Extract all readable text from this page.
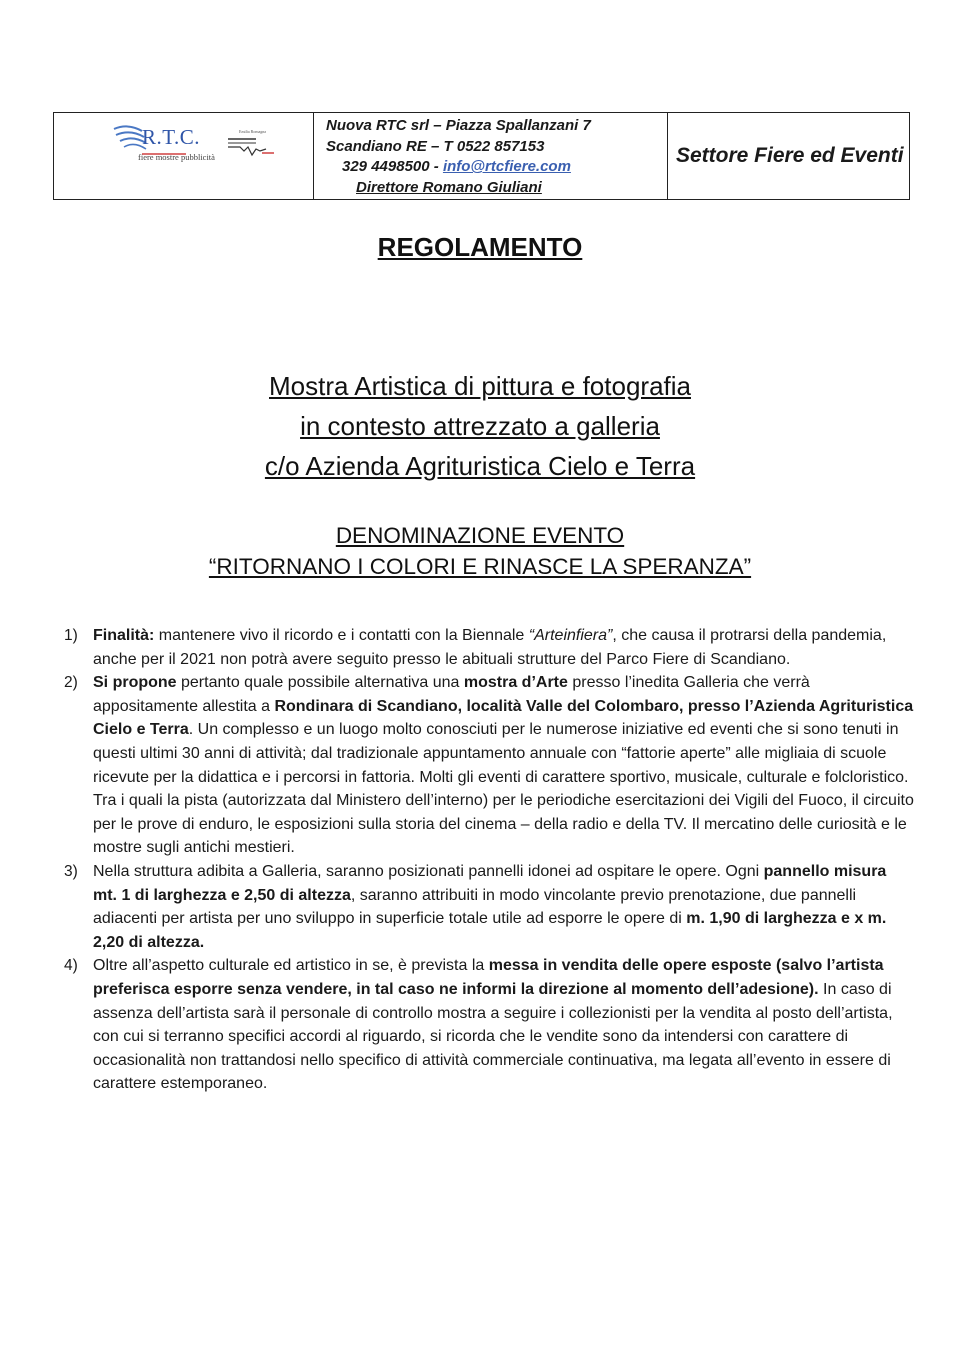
R.T.C.
fiere mostre pubblicità
Emilia Romagna	Nuova RTC srl – Piazza Spallanzani 7
Scandiano RE – T 0522 857153
329 4498500 - info@rtcfiere.com
Direttore Romano Giuliani
Settore Fiere ed Eventi
REGOLAMENTO
Mostra Artistica di pittura e fotografia
in contesto attrezzato a galleria
c/o Azienda Agrituristica Cielo e Terra
DENOMINAZIONE EVENTO
“RITORNANO I COLORI E RINASCE LA SPERANZA”
1) Finalità: mantenere vivo il ricordo e i contatti con la Biennale “Arteinfiera”, che causa il protrarsi della pandemia, anche per il 2021 non potrà avere seguito presso le abituali strutture del Parco Fiere di Scandiano.
2) Si propone pertanto quale possibile alternativa una mostra d’Arte presso l’inedita Galleria che verrà appositamente allestita a Rondinara di Scandiano, località Valle del Colombaro, presso l’Azienda Agrituristica Cielo e Terra. Un complesso e un luogo molto conosciuti per le numerose iniziative ed eventi che si sono tenuti in questi ultimi 30 anni di attività; dal tradizionale appuntamento annuale con “fattorie aperte” alle migliaia di scuole ricevute per la didattica e i percorsi in fattoria. Molti gli eventi di carattere sportivo, musicale, culturale e folcloristico. Tra i quali la pista (autorizzata dal Ministero dell’interno) per le periodiche esercitazioni dei Vigili del Fuoco, il circuito per le prove di enduro, le esposizioni sulla storia del cinema – della radio e della TV. Il mercatino delle curiosità e le mostre sugli antichi mestieri.
3) Nella struttura adibita a Galleria, saranno posizionati pannelli idonei ad ospitare le opere. Ogni pannello misura mt. 1 di larghezza e 2,50 di altezza, saranno attribuiti in modo vincolante previo prenotazione, due pannelli adiacenti per artista per uno sviluppo in superficie totale utile ad esporre le opere di m. 1,90 di larghezza e x m. 2,20 di altezza.
4) Oltre all’aspetto culturale ed artistico in se, è prevista la messa in vendita delle opere esposte (salvo l’artista preferisca esporre senza vendere, in tal caso ne informi la direzione al momento dell’adesione). In caso di assenza dell’artista sarà il personale di controllo mostra a seguire i collezionisti per la vendita al posto dell’artista, con cui si terranno specifici accordi al riguardo, si ricorda che le vendite sono da intendersi con carattere di occasionalità non trattandosi nello specifico di attività commerciale continuativa, ma legata all’evento in essere di carattere estemporaneo.
